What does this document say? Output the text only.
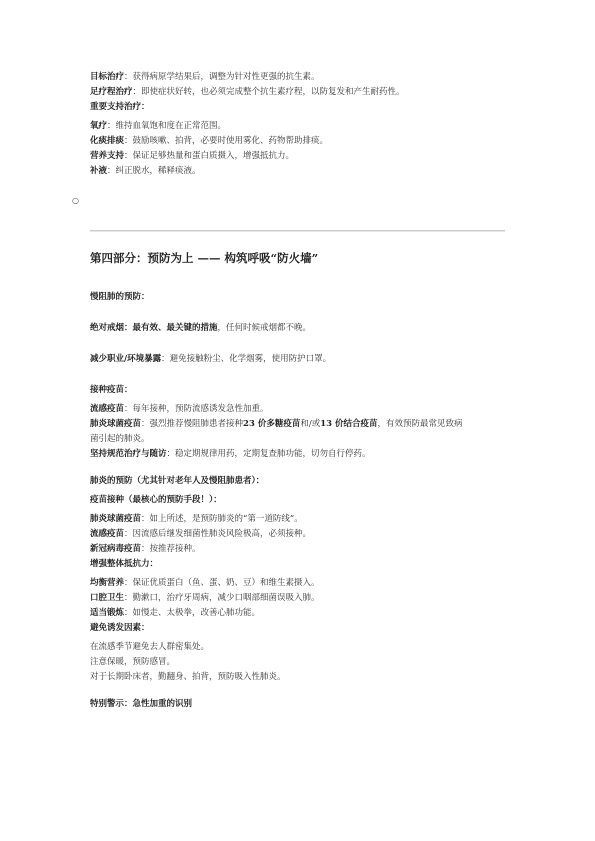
目标治疗：获得病原学结果后，调整为针对性更强的抗生素。
足疗程治疗：即使症状好转，也必须完成整个抗生素疗程，以防复发和产生耐药性。
重要支持治疗：
氧疗：维持血氧饱和度在正常范围。
化痰排痰：鼓励咳嗽、拍背，必要时使用雾化、药物帮助排痰。
营养支持：保证足够热量和蛋白质摄入，增强抵抗力。
补液：纠正脱水，稀释痰液。
○
第四部分：预防为上 —— 构筑呼吸“防火墙”
慢阻肺的预防：
绝对戒烟：最有效、最关键的措施，任何时候戒烟都不晚。
减少职业/环境暴露：避免接触粉尘、化学烟雾，使用防护口罩。
接种疫苗：
流感疫苗：每年接种，预防流感诱发急性加重。
肺炎球菌疫苗：强烈推荐慢阻肺患者接种23 价多糖疫苗和/或13 价结合疫苗，有效预防最常见致病
菌引起的肺炎。
坚持规范治疗与随访：稳定期规律用药，定期复查肺功能，切勿自行停药。
肺炎的预防（尤其针对老年人及慢阻肺患者）：
疫苗接种（最核心的预防手段！）：
肺炎球菌疫苗：如上所述，是预防肺炎的“第一道防线”。
流感疫苗：因流感后继发细菌性肺炎风险极高，必须接种。
新冠病毒疫苗：按推荐接种。
增强整体抵抗力：
均衡营养：保证优质蛋白（鱼、蛋、奶、豆）和维生素摄入。
口腔卫生：勤漱口，治疗牙周病，减少口咽部细菌误吸入肺。
适当锻炼：如慢走、太极拳，改善心肺功能。
避免诱发因素：
在流感季节避免去人群密集处。
注意保暖，预防感冒。
对于长期卧床者，勤翻身、拍背，预防吸入性肺炎。
特别警示：急性加重的识别
